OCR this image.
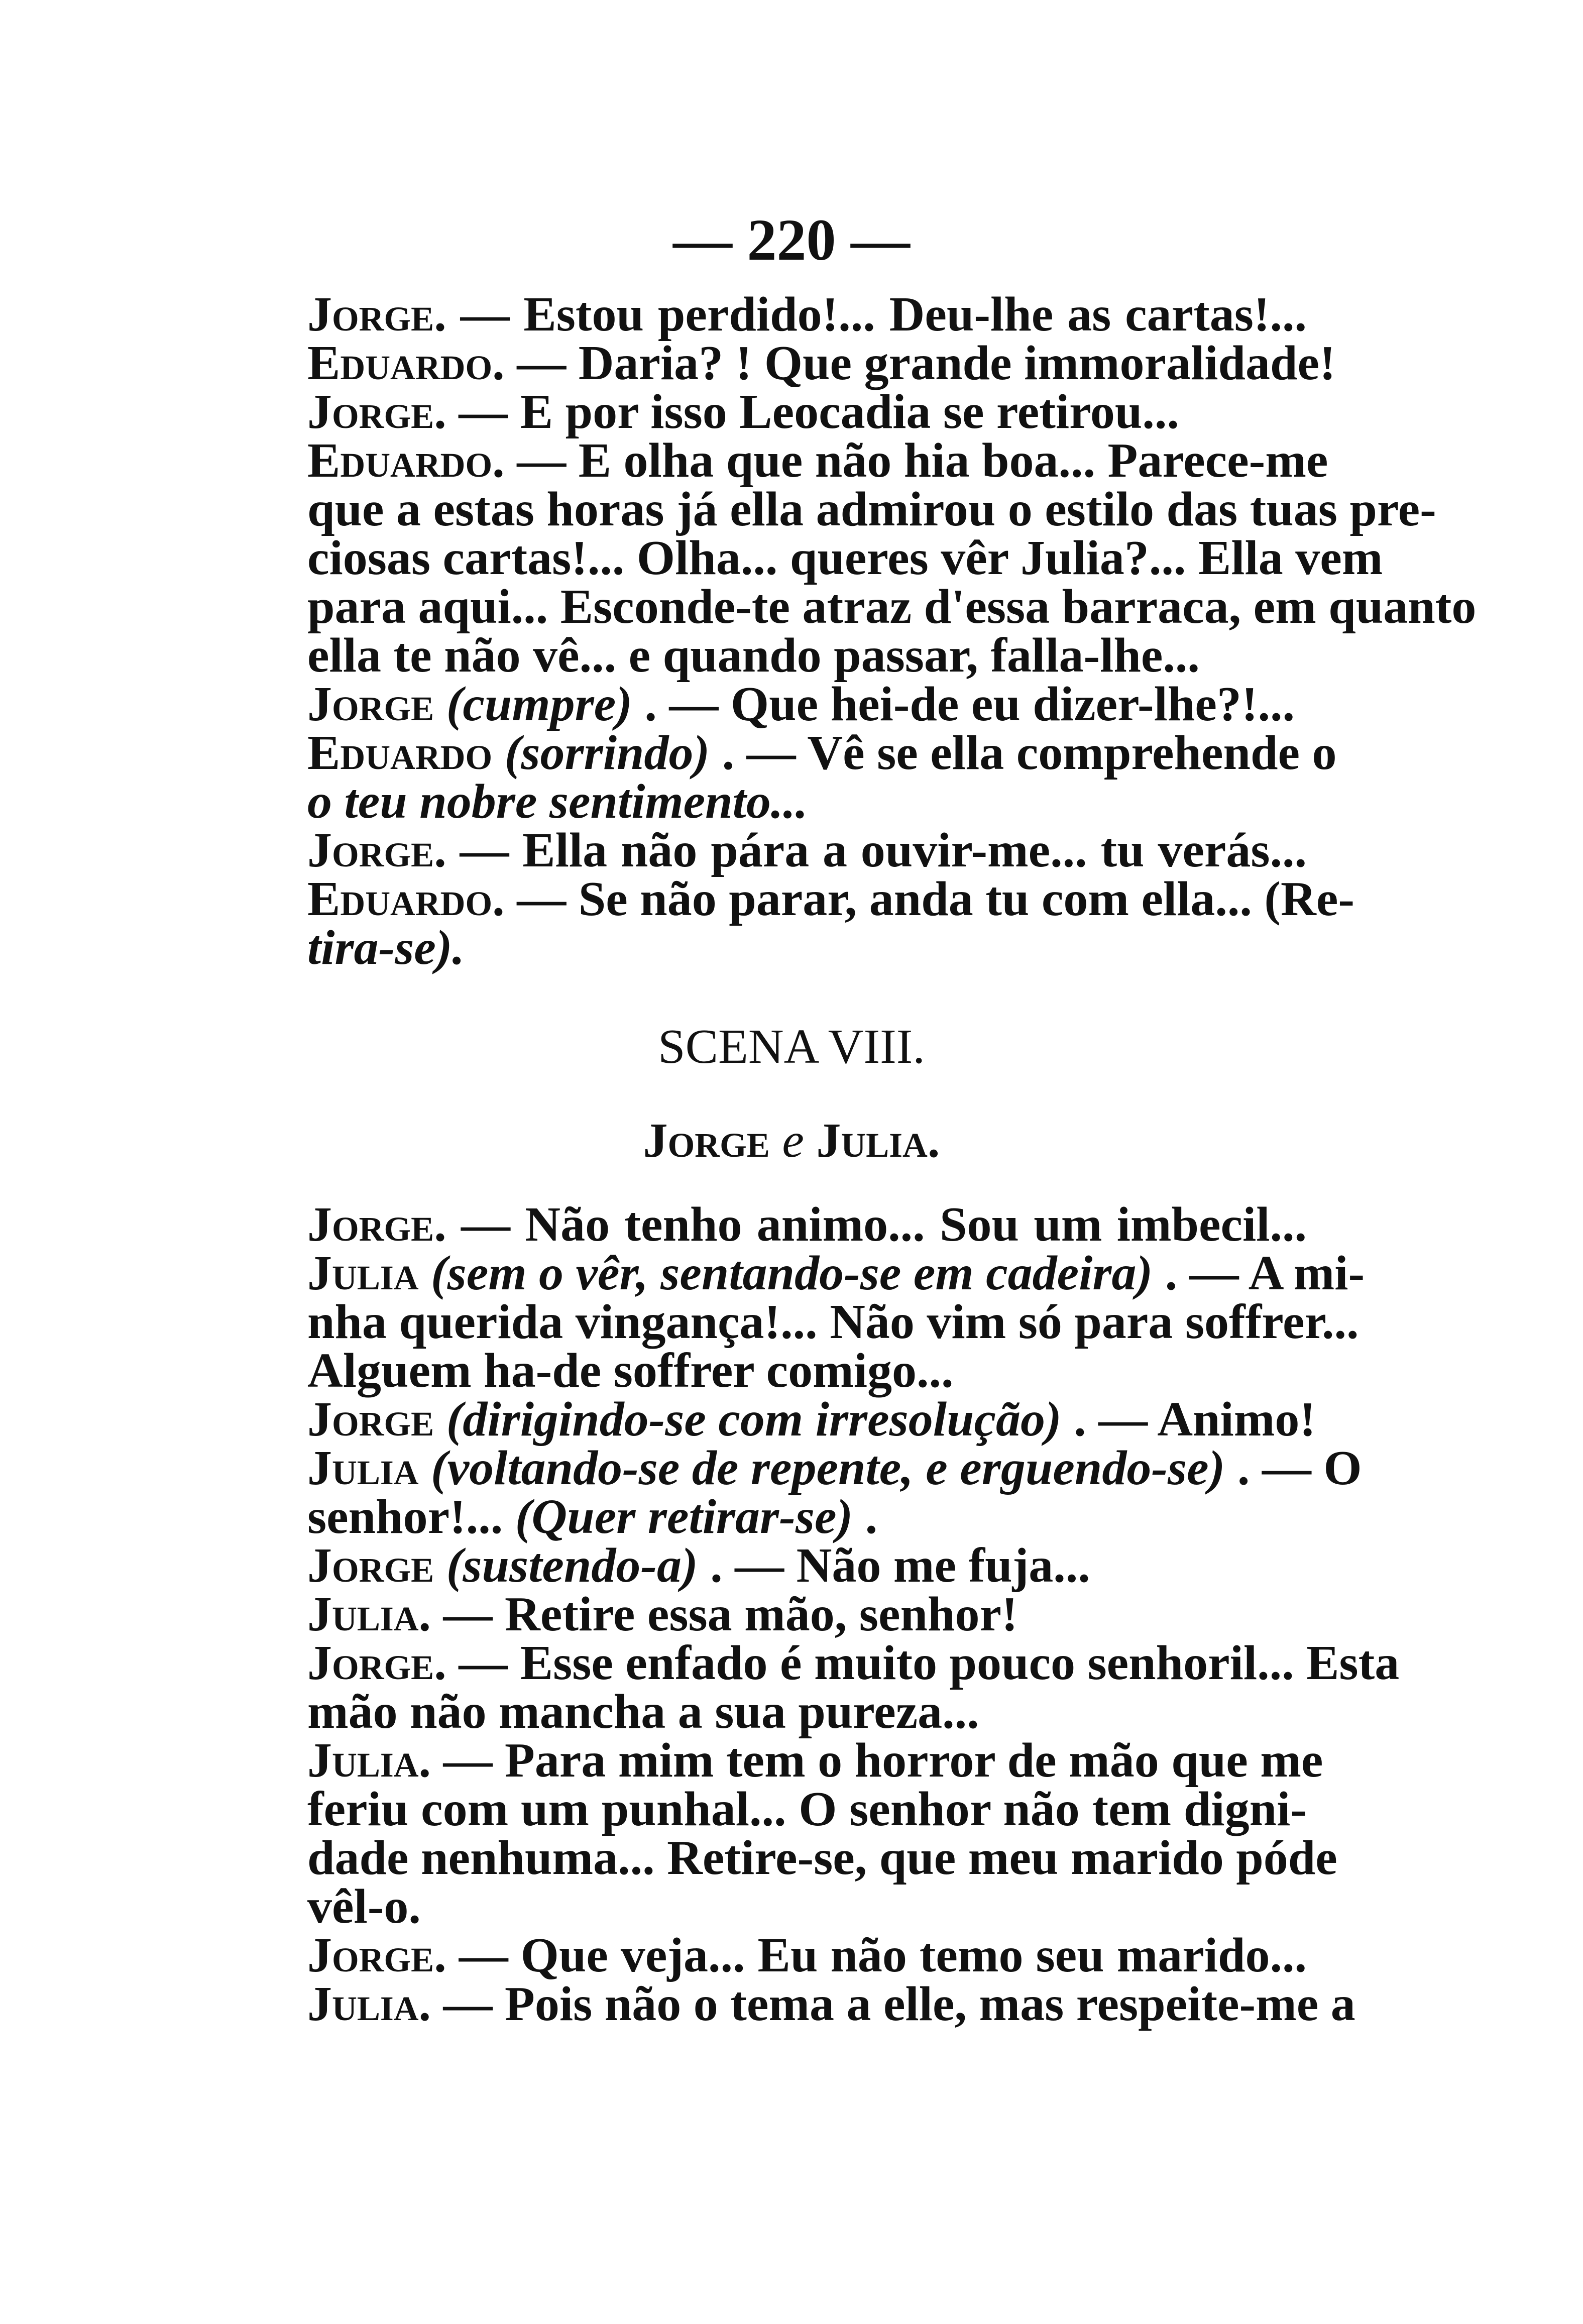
— 220 —
Jorge. — Estou perdido!... Deu-lhe as cartas!...
Eduardo. — Daria? ! Que grande immoralidade!
Jorge. — E por isso Leocadia se retirou...
Eduardo. — E olha que não hia boa... Parece-me
que a estas horas já ella admirou o estilo das tuas pre-
ciosas cartas!... Olha... queres vêr Julia?... Ella vem
para aqui... Esconde-te atraz d'essa barraca, em quanto
ella te não vê... e quando passar, falla-lhe...
Jorge (cumpre) . — Que hei-de eu dizer-lhe?!...
Eduardo (sorrindo) . — Vê se ella comprehende o
o teu nobre sentimento...
Jorge. — Ella não pára a ouvir-me... tu verás...
Eduardo. — Se não parar, anda tu com ella... (Re-
tira-se).
SCENA VIII.
Jorge e Julia.
Jorge. — Não tenho animo... Sou um imbecil...
Julia (sem o vêr, sentando-se em cadeira) . — A mi-
nha querida vingança!... Não vim só para soffrer...
Alguem ha-de soffrer comigo...
Jorge (dirigindo-se com irresolução) . — Animo!
Julia (voltando-se de repente, e erguendo-se) . — O
senhor!... (Quer retirar-se) .
Jorge (sustendo-a) . — Não me fuja...
Julia. — Retire essa mão, senhor!
Jorge. — Esse enfado é muito pouco senhoril... Esta
mão não mancha a sua pureza...
Julia. — Para mim tem o horror de mão que me
feriu com um punhal... O senhor não tem digni-
dade nenhuma... Retire-se, que meu marido póde
vêl-o.
Jorge. — Que veja... Eu não temo seu marido...
Julia. — Pois não o tema a elle, mas respeite-me a
